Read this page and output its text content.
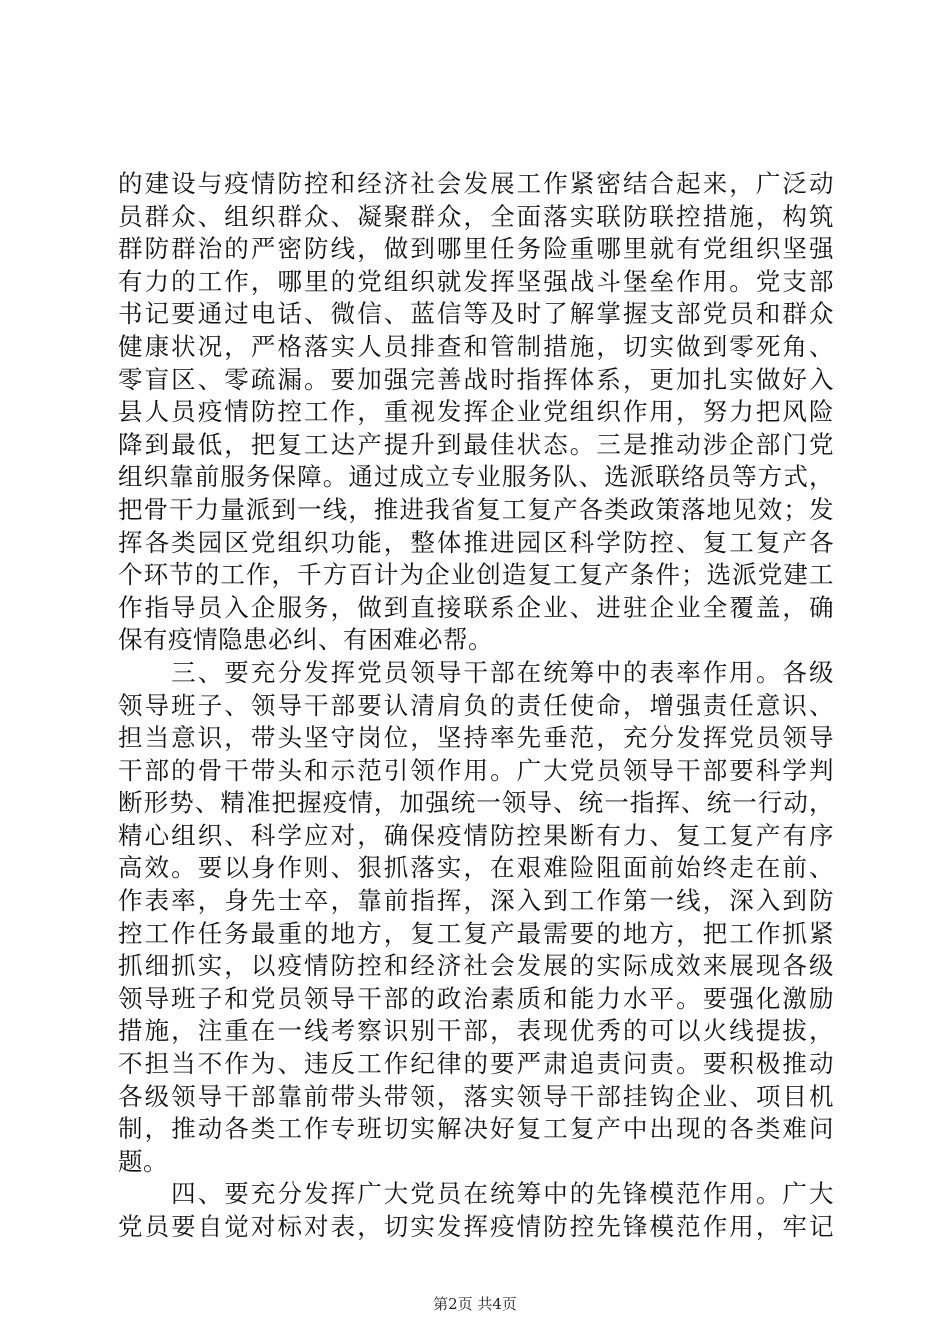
的建设与疫情防控和经济社会发展工作紧密结合起来，广泛动
员群众、组织群众、凝聚群众，全面落实联防联控措施，构筑
群防群治的严密防线，做到哪里任务险重哪里就有党组织坚强
有力的工作，哪里的党组织就发挥坚强战斗堡垒作用。党支部
书记要通过电话、微信、蓝信等及时了解掌握支部党员和群众
健康状况，严格落实人员排查和管制措施，切实做到零死角、
零盲区、零疏漏。要加强完善战时指挥体系，更加扎实做好入
县人员疫情防控工作，重视发挥企业党组织作用，努力把风险
降到最低，把复工达产提升到最佳状态。三是推动涉企部门党
组织靠前服务保障。通过成立专业服务队、选派联络员等方式，
把骨干力量派到一线，推进我省复工复产各类政策落地见效；发
挥各类园区党组织功能，整体推进园区科学防控、复工复产各
个环节的工作，千方百计为企业创造复工复产条件；选派党建工
作指导员入企服务，做到直接联系企业、进驻企业全覆盖，确
保有疫情隐患必纠、有困难必帮。
　　三、要充分发挥党员领导干部在统筹中的表率作用。各级
领导班子、领导干部要认清肩负的责任使命，增强责任意识、
担当意识，带头坚守岗位，坚持率先垂范，充分发挥党员领导
干部的骨干带头和示范引领作用。广大党员领导干部要科学判
断形势、精准把握疫情，加强统一领导、统一指挥、统一行动，
精心组织、科学应对，确保疫情防控果断有力、复工复产有序
高效。要以身作则、狠抓落实，在艰难险阻面前始终走在前、
作表率，身先士卒，靠前指挥，深入到工作第一线，深入到防
控工作任务最重的地方，复工复产最需要的地方，把工作抓紧
抓细抓实，以疫情防控和经济社会发展的实际成效来展现各级
领导班子和党员领导干部的政治素质和能力水平。要强化激励
措施，注重在一线考察识别干部，表现优秀的可以火线提拔，
不担当不作为、违反工作纪律的要严肃追责问责。要积极推动
各级领导干部靠前带头带领，落实领导干部挂钩企业、项目机
制，推动各类工作专班切实解决好复工复产中出现的各类难问
题。
　　四、要充分发挥广大党员在统筹中的先锋模范作用。广大
党员要自觉对标对表，切实发挥疫情防控先锋模范作用，牢记
第2页 共4页
